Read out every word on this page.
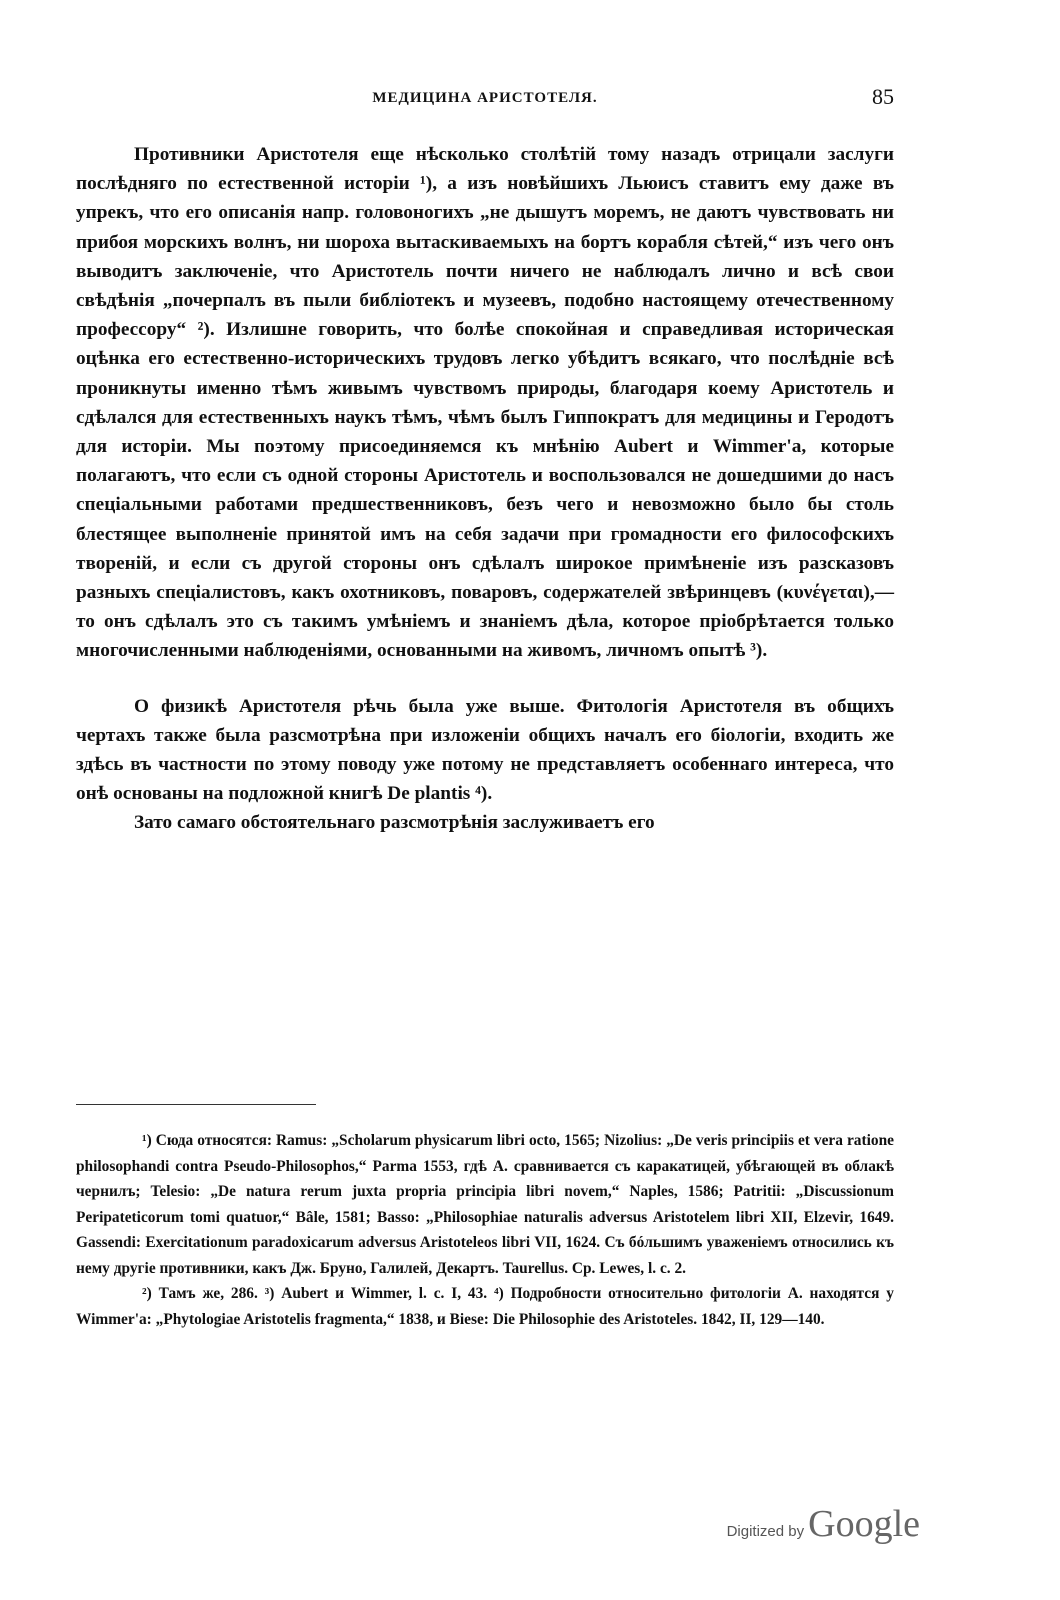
МЕДИЦИНА АРИСТОТЕЛЯ.	85

Противники Аристотеля еще нѣсколько столѣтій тому назадъ отрицали заслуги послѣдняго по естественной исторіи ¹), а изъ новѣйшихъ Льюисъ ставитъ ему даже въ упрекъ, что его описанія напр. головоногихъ „не дышутъ моремъ, не даютъ чувствовать ни прибоя морскихъ волнъ, ни шороха вытаскиваемыхъ на бортъ корабля сѣтей,“ изъ чего онъ выводитъ заключеніе, что Аристотель почти ничего не наблюдалъ лично и всѣ свои свѣдѣнія „почерпалъ въ пыли библіотекъ и музеевъ, подобно настоящему отечественному профессору“ ²). Излишне говорить, что болѣе спокойная и справедливая историческая оцѣнка его естественно-историческихъ трудовъ легко убѣдитъ всякаго, что послѣдніе всѣ проникнуты именно тѣмъ живымъ чувствомъ природы, благодаря коему Аристотель и сдѣлался для естественныхъ наукъ тѣмъ, чѣмъ былъ Гиппократъ для медицины и Геродотъ для исторіи. Мы поэтому присоединяемся къ мнѣнію Aubert и Wimmer'а, которые полагаютъ, что если съ одной стороны Аристотель и воспользовался не дошедшими до насъ спеціальными работами предшественниковъ, безъ чего и невозможно было бы столь блестящее выполненіе принятой имъ на себя задачи при громадности его философскихъ твореній, и если съ другой стороны онъ сдѣлалъ широкое примѣненіе изъ разсказовъ разныхъ спеціалистовъ, какъ охотниковъ, поваровъ, содержателей звѣринцевъ (κυνέγεται),—то онъ сдѣлалъ это съ такимъ умѣніемъ и знаніемъ дѣла, которое пріобрѣтается только многочисленными наблюденіями, основанными на живомъ, личномъ опытѣ ³).

О физикѣ Аристотеля рѣчь была уже выше. Фитологія Аристотеля въ общихъ чертахъ также была разсмотрѣна при изложеніи общихъ началъ его біологіи, входить же здѣсь въ частности по этому поводу уже потому не представляетъ особеннаго интереса, что онѣ основаны на подложной книгѣ De plantis ⁴).

Зато самаго обстоятельнаго разсмотрѣнія заслуживаетъ его

¹) Сюда относятся: Ramus: „Scholarum physicarum libri octo, 1565; Nizolius: „De veris principiis et vera ratione philosophandi contra Pseudo-Philosophos,“ Parma 1553, гдѣ А. сравнивается съ каракатицей, убѣгающей въ облакѣ чернилъ; Telesio: „De natura rerum juxta propria principia libri novem,“ Naples, 1586; Patritii: „Discussionum Peripateticorum tomi quatuor,“ Bâle, 1581; Basso: „Philosophiae naturalis adversus Aristotelem libri XII, Elzevir, 1649. Gassendi: Exercitationum paradoxicarum adversus Aristoteleos libri VII, 1624. Съ бóльшимъ уваженіемъ относились къ нему другіе противники, какъ Дж. Бруно, Галилей, Декартъ. Taurellus. Ср. Lewes, l. c. 2.

²) Тамъ же, 286. ³) Aubert и Wimmer, l. c. I, 43. ⁴) Подробности относительно фитологіи А. находятся у Wimmer'а: „Phytologiae Aristotelis fragmenta,“ 1838, и Biese: Die Philosophie des Aristoteles. 1842, II, 129—140.

Digitized by Google
